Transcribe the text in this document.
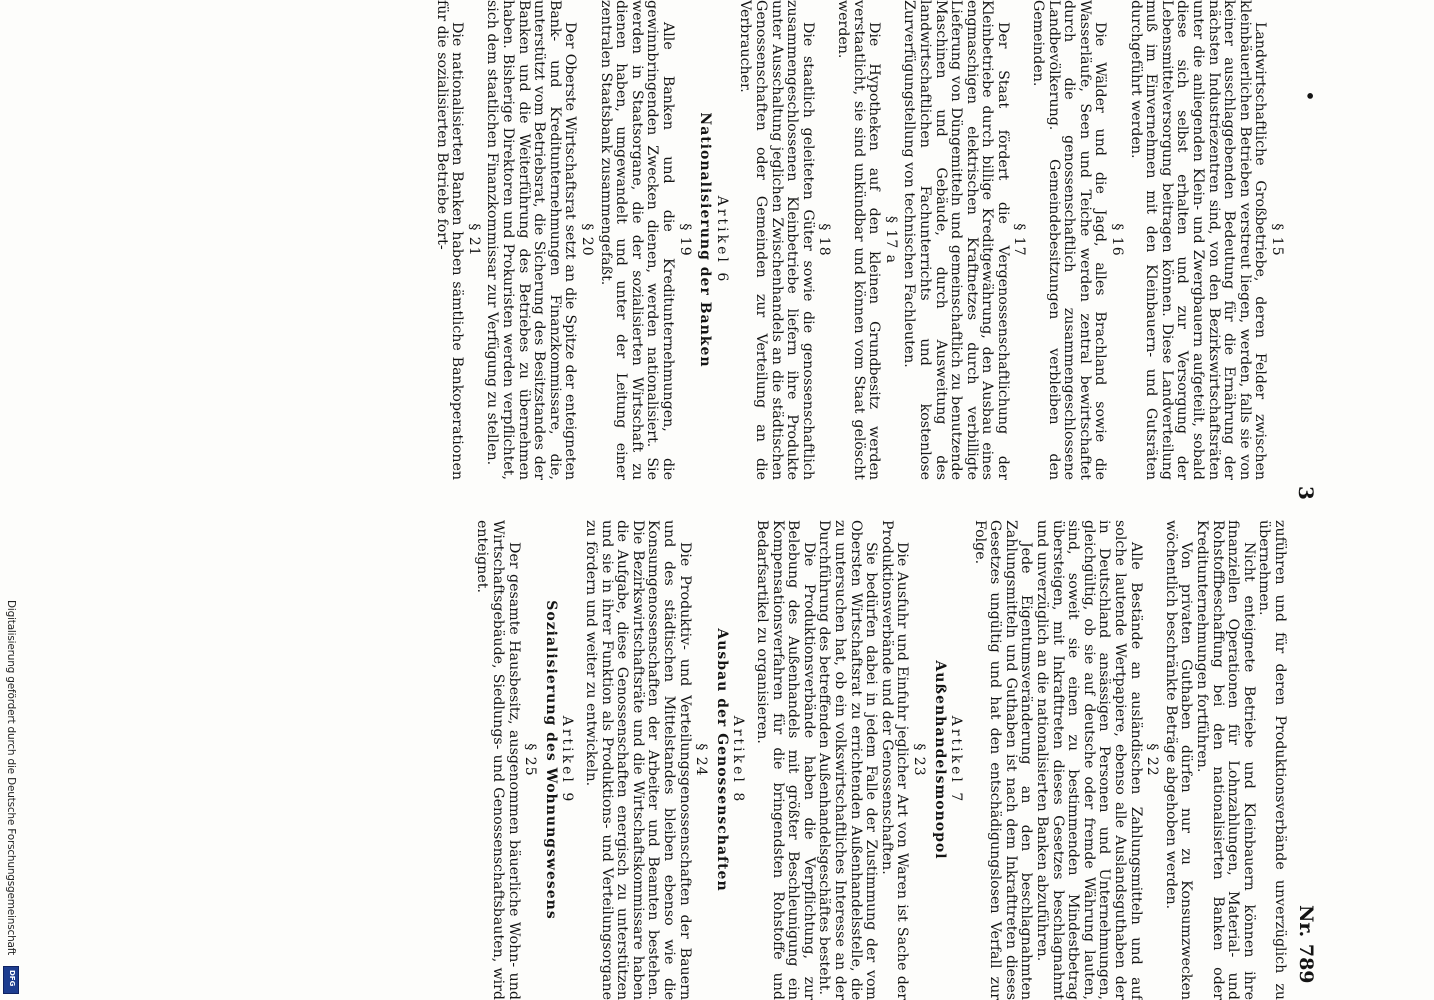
•
3
Nr. 789
§ 15
Landwirtschaftliche Großbetriebe, deren Felder zwischen kleinbäuerlichen Betrieben verstreut liegen, werden, falls sie von keiner ausschlaggebenden Bedeutung für die Ernährung der nächsten Industriezentren sind, von den Bezirkswirtschaftsräten unter die anliegenden Klein- und Zwergbauern aufgeteilt, sobald diese sich selbst erhalten und zur Versorgung der Lebensmittelversorgung beitragen können. Diese Landverteilung muß im Einvernehmen mit den Kleinbauern- und Gutsräten durchgeführt werden.
§ 16
Die Wälder und die Jagd, alles Brachland sowie die Wasserläufe, Seen und Teiche werden zentral bewirtschaftet durch die genossenschaftlich zusammengeschlossene Landbevölkerung. Gemeindebesitzungen verbleiben den Gemeinden.
§ 17
Der Staat fördert die Vergenossenschaftlichung der Kleinbetriebe durch billige Kreditgewährung, den Ausbau eines engmaschigen elektrischen Kraftnetzes durch verbilligte Lieferung von Düngemitteln und gemeinschaftlich zu benutzende Maschinen und Gebäude, durch Ausweitung des landwirtschaftlichen Fachunterrichts und kostenlose Zurverfügungstellung von technischen Fachleuten.
§ 17 a
Die Hypotheken auf den kleinen Grundbesitz werden verstaatlicht, sie sind unkündbar und können vom Staat gelöscht werden.
§ 18
Die staatlich geleiteten Güter sowie die genossenschaftlich zusammengeschlossenen Kleinbetriebe liefern ihre Produkte unter Ausschaltung jeglichen Zwischenhandels an die städtischen Genossenschaften oder Gemeinden zur Verteilung an die Verbraucher.
Artikel 6
Nationalisierung der Banken
§ 19
Alle Banken und die Kreditunternehmungen, die gewinnbringenden Zwecken dienen, werden nationalisiert. Sie werden in Staatsorgane, die der sozialisierten Wirtschaft zu dienen haben, umgewandelt und unter der Leitung einer zentralen Staatsbank zusammengefaßt.
§ 20
Der Oberste Wirtschaftsrat setzt an die Spitze der enteigneten Bank- und Kreditunternehmungen Finanzkommissare, die, unterstützt vom Betriebsrat, die Sicherung des Besitzstandes der Banken und die Weiterführung des Betriebes zu übernehmen haben. Bisherige Direktoren und Prokuristen werden verpflichtet, sich dem staatlichen Finanzkommissar zur Verfügung zu stellen.
§ 21
Die nationalisierten Banken haben sämtliche Bankoperationen für die sozialisierten Betriebe fort-
zuführen und für deren Produktionsverbände unverzüglich zu übernehmen.
Nicht enteignete Betriebe und Kleinbauern können ihre finanziellen Operationen für Lohnzahlungen, Material- und Rohstoffbeschaffung bei den nationalisierten Banken oder Kreditunternehmungen fortführen.
Von privaten Guthaben dürfen nur zu Konsumzwecken wöchentlich beschränkte Beträge abgehoben werden.
§ 22
Alle Bestände an ausländischen Zahlungsmitteln und auf solche lautende Wertpapiere, ebenso alle Auslandsguthaben der in Deutschland ansässigen Personen und Unternehmungen, gleichgültig, ob sie auf deutsche oder fremde Währung lauten, sind, soweit sie einen zu bestimmenden Mindestbetrag übersteigen, mit Inkrafttreten dieses Gesetzes beschlagnahmt und unverzüglich an die nationalisierten Banken abzuführen.
Jede Eigentumsveränderung an den beschlagnahmten Zahlungsmitteln und Guthaben ist nach dem Inkrafttreten dieses Gesetzes ungültig und hat den entschädigungslosen Verfall zur Folge.
Artikel 7
Außenhandelsmonopol
§ 23
Die Ausfuhr und Einfuhr jeglicher Art von Waren ist Sache der Produktionsverbände und der Genossenschaften.
Sie bedürfen dabei in jedem Falle der Zustimmung der vom Obersten Wirtschaftsrat zu errichtenden Außenhandelsstelle, die zu untersuchen hat, ob ein volkswirtschaftliches Interesse an der Durchführung des betreffenden Außenhandelsgeschäftes besteht.
Die Produktionsverbände haben die Verpflichtung, zur Belebung des Außenhandels mit größter Beschleunigung ein Kompensationsverfahren für die bringendsten Rohstoffe und Bedarfsartikel zu organisieren.
Artikel 8
Ausbau der Genossenschaften
§ 24
Die Produktiv- und Verteilungsgenossenschaften der Bauern und des städtischen Mittelstandes bleiben ebenso wie die Konsumgenossenschaften der Arbeiter und Beamten bestehen. Die Bezirkswirtschaftsräte und die Wirtschaftskommissare haben die Aufgabe, diese Genossenschaften energisch zu unterstützen und sie in ihrer Funktion als Produktions- und Verteilungsorgane zu fördern und weiter zu entwickeln.
Artikel 9
Sozialisierung des Wohnungswesens
§ 25
Der gesamte Hausbesitz, ausgenommen bäuerliche Wohn- und Wirtschaftsgebäude, Siedlungs- und Genossenschaftsbauten, wird enteignet.
Digitalisierung gefördert durch die Deutsche Forschungsgemeinschaft
DFG
